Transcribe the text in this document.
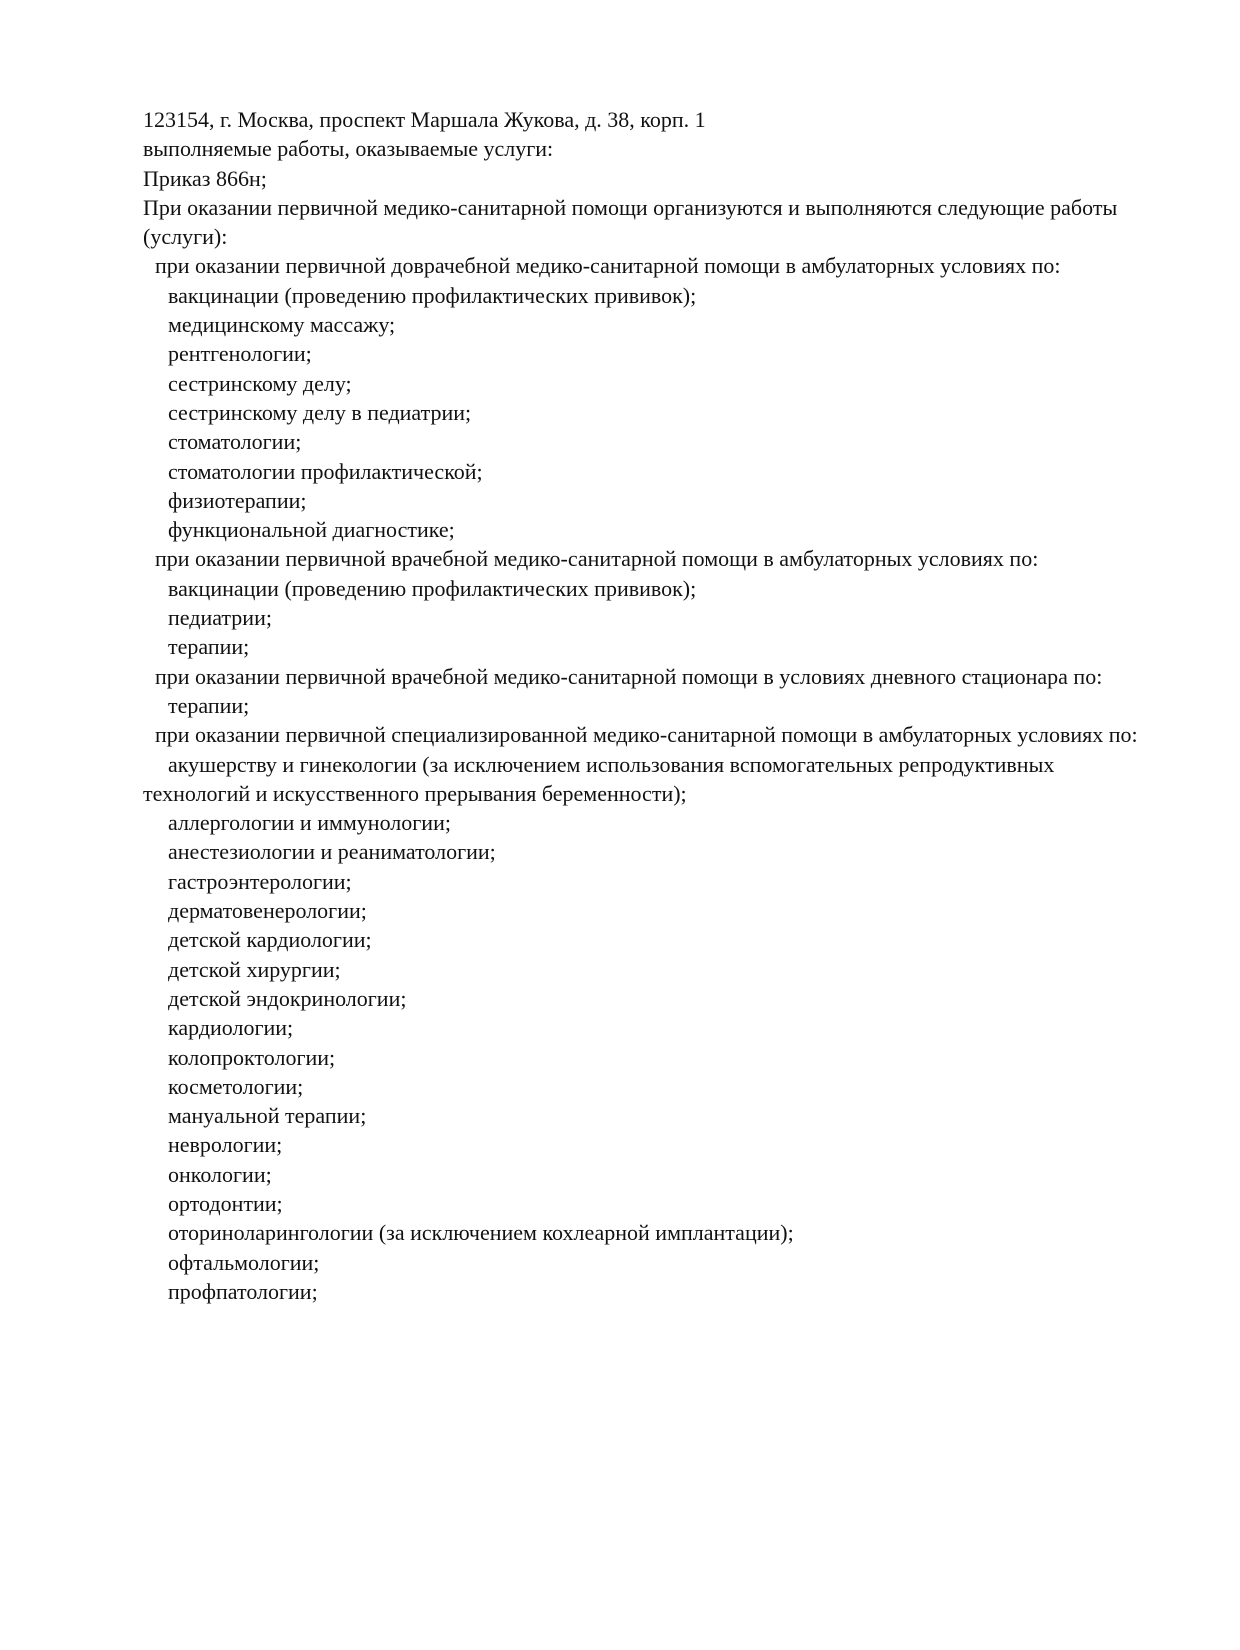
123154, г. Москва, проспект Маршала Жукова, д. 38, корп. 1
выполняемые работы, оказываемые услуги:
Приказ 866н;
При оказании первичной медико-санитарной помощи организуются и выполняются следующие работы (услуги):
при оказании первичной доврачебной медико-санитарной помощи в амбулаторных условиях по:
вакцинации (проведению профилактических прививок);
медицинскому массажу;
рентгенологии;
сестринскому делу;
сестринскому делу в педиатрии;
стоматологии;
стоматологии профилактической;
физиотерапии;
функциональной диагностике;
при оказании первичной врачебной медико-санитарной помощи в амбулаторных условиях по:
вакцинации (проведению профилактических прививок);
педиатрии;
терапии;
при оказании первичной врачебной медико-санитарной помощи в условиях дневного стационара по:
терапии;
при оказании первичной специализированной медико-санитарной помощи в амбулаторных условиях по:
акушерству и гинекологии (за исключением использования вспомогательных репродуктивных технологий и искусственного прерывания беременности);
аллергологии и иммунологии;
анестезиологии и реаниматологии;
гастроэнтерологии;
дерматовенерологии;
детской кардиологии;
детской хирургии;
детской эндокринологии;
кардиологии;
колопроктологии;
косметологии;
мануальной терапии;
неврологии;
онкологии;
ортодонтии;
оториноларингологии (за исключением кохлеарной имплантации);
офтальмологии;
профпатологии;
